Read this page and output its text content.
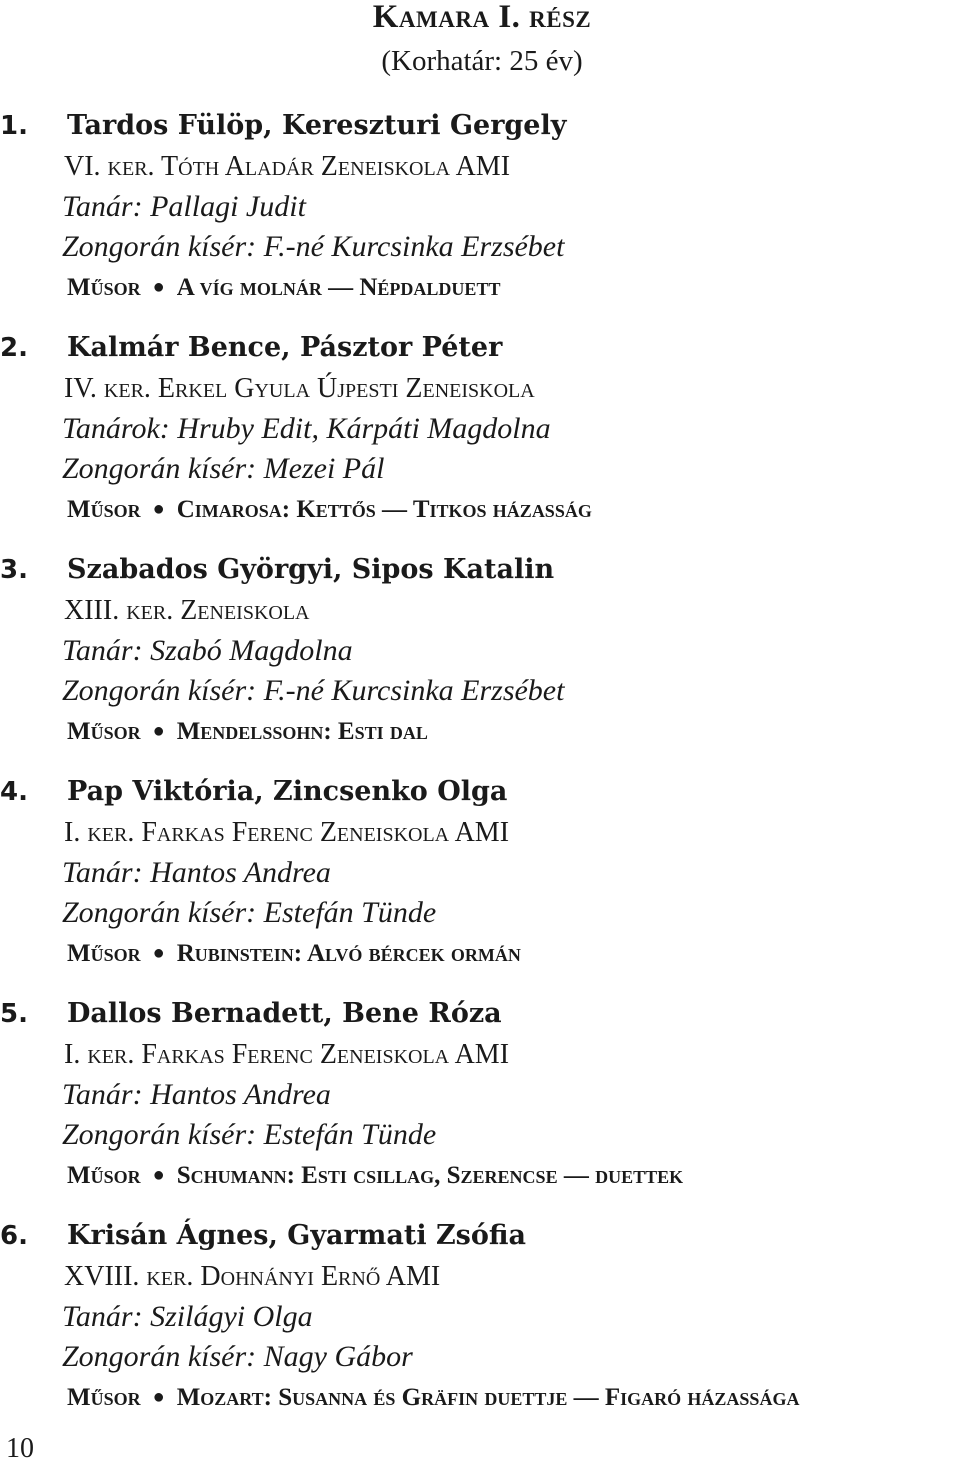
Kamara I. rész
(Korhatár: 25 év)
1. Tardos Fülöp, Kereszturi Gergely
VI. ker. Tóth Aladár Zeneiskola AMI
Tanár: Pallagi Judit
Zongorán kísér: F.-né Kurcsinka Erzsébet
Műsor ● A víg molnár — Népdalduett
2. Kalmár Bence, Pásztor Péter
IV. ker. Erkel Gyula Újpesti Zeneiskola
Tanárok: Hruby Edit, Kárpáti Magdolna
Zongorán kísér: Mezei Pál
Műsor ● Cimarosa: Kettős — Titkos házasság
3. Szabados Györgyi, Sipos Katalin
XIII. ker. Zeneiskola
Tanár: Szabó Magdolna
Zongorán kísér: F.-né Kurcsinka Erzsébet
Műsor ● Mendelssohn: Esti dal
4. Pap Viktória, Zincsenko Olga
I. ker. Farkas Ferenc Zeneiskola AMI
Tanár: Hantos Andrea
Zongorán kísér: Estefán Tünde
Műsor ● Rubinstein: Alvó bércek ormán
5. Dallos Bernadett, Bene Róza
I. ker. Farkas Ferenc Zeneiskola AMI
Tanár: Hantos Andrea
Zongorán kísér: Estefán Tünde
Műsor ● Schumann: Esti csillag, Szerencse — duettek
6. Krisán Ágnes, Gyarmati Zsófia
XVIII. ker. Dohnányi Ernő AMI
Tanár: Szilágyi Olga
Zongorán kísér: Nagy Gábor
Műsor ● Mozart: Susanna és Gräfin duettje — Figaró házassága
10
